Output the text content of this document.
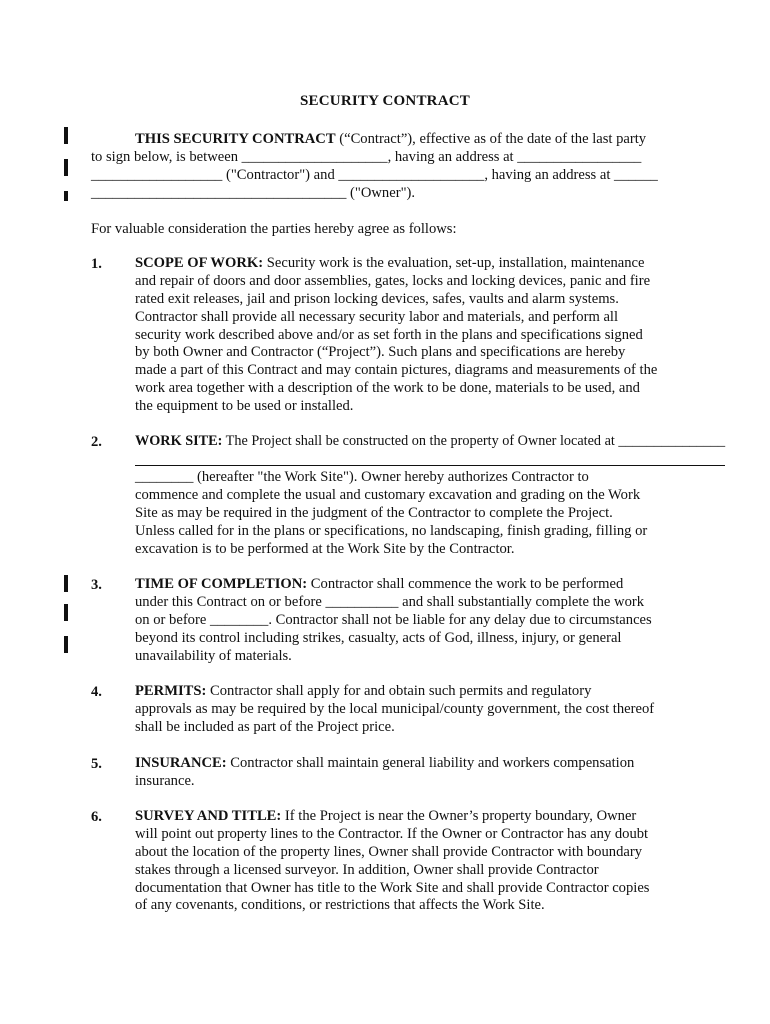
SECURITY CONTRACT
THIS SECURITY CONTRACT (“Contract”), effective as of the date of the last party
to sign below, is between ____________________, having an address at _________________
__________________ ("Contractor") and ____________________, having an address at ______
___________________________________ ("Owner").
For valuable consideration the parties hereby agree as follows:
1. SCOPE OF WORK: Security work is the evaluation, set-up, installation, maintenance
and repair of doors and door assemblies, gates, locks and locking devices, panic and fire
rated exit releases, jail and prison locking devices, safes, vaults and alarm systems.
Contractor shall provide all necessary security labor and materials, and perform all
security work described above and/or as set forth in the plans and specifications signed
by both Owner and Contractor (“Project”). Such plans and specifications are hereby
made a part of this Contract and may contain pictures, diagrams and measurements of the
work area together with a description of the work to be done, materials to be used, and
the equipment to be used or installed.
2. WORK SITE: The Project shall be constructed on the property of Owner located at _______________
________ (hereafter "the Work Site"). Owner hereby authorizes Contractor to
commence and complete the usual and customary excavation and grading on the Work
Site as may be required in the judgment of the Contractor to complete the Project.
Unless called for in the plans or specifications, no landscaping, finish grading, filling or
excavation is to be performed at the Work Site by the Contractor.
3. TIME OF COMPLETION: Contractor shall commence the work to be performed
under this Contract on or before __________ and shall substantially complete the work
on or before ________. Contractor shall not be liable for any delay due to circumstances
beyond its control including strikes, casualty, acts of God, illness, injury, or general
unavailability of materials.
4. PERMITS: Contractor shall apply for and obtain such permits and regulatory
approvals as may be required by the local municipal/county government, the cost thereof
shall be included as part of the Project price.
5. INSURANCE: Contractor shall maintain general liability and workers compensation
insurance.
6. SURVEY AND TITLE: If the Project is near the Owner’s property boundary, Owner
will point out property lines to the Contractor. If the Owner or Contractor has any doubt
about the location of the property lines, Owner shall provide Contractor with boundary
stakes through a licensed surveyor. In addition, Owner shall provide Contractor
documentation that Owner has title to the Work Site and shall provide Contractor copies
of any covenants, conditions, or restrictions that affects the Work Site.
